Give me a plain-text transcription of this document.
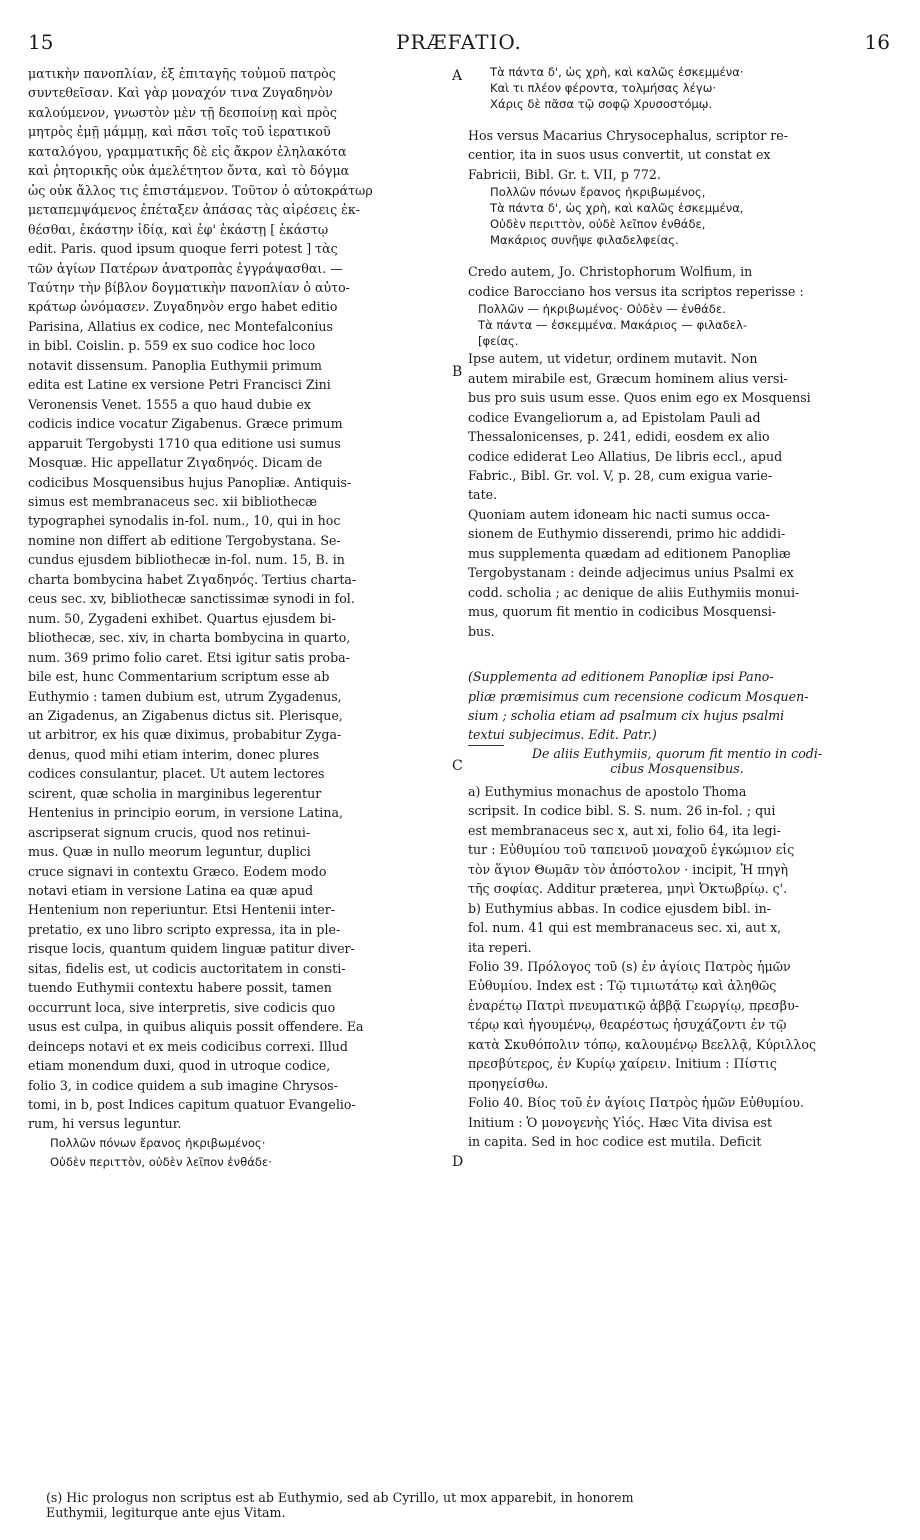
15	PRÆFATIO.	16
A
B
C
D
ματικὴν πανοπλίαν, ἐξ ἐπιταγῆς τοὐμοῦ πατρὸς
συντεθεῖσαν. Καὶ γὰρ μοναχόν τινα Ζυγαδηνὸν
καλούμενον, γνωστὸν μὲν τῇ δεσποίνῃ καὶ πρὸς
μητρὸς ἐμῇ μάμμῃ, καὶ πᾶσι τοῖς τοῦ ἱερατικοῦ
καταλόγου, γραμματικῆς δὲ εἰς ἄκρον ἐληλακότα
καὶ ῥητορικῆς οὐκ ἀμελέτητον ὄντα, καὶ τὸ δόγμα
ὡς οὐκ ἄλλος τις ἐπιστάμενον. Τοῦτον ὁ αὐτοκράτωρ
μεταπεμψάμενος ἐπέταξεν ἁπάσας τὰς αἱρέσεις ἐκ-
θέσθαι, ἑκάστην ἰδίᾳ, καὶ ἐφ' ἑκάστῃ [ ἑκάστῳ
edit. Paris. quod ipsum quoque ferri potest ] τὰς
τῶν ἁγίων Πατέρων ἀνατροπὰς ἐγγράψασθαι. —
Ταύτην τὴν βίβλον δογματικὴν πανοπλίαν ὁ αὐτο-
κράτωρ ὠνόμασεν. Ζυγαδηνὸν ergo habet editio
Parisina, Allatius ex codice, nec Montefalconius
in bibl. Coislin. p. 559 ex suo codice hoc loco
notavit dissensum. Panoplia Euthymii primum
edita est Latine ex versione Petri Francisci Zini
Veronensis Venet. 1555 a quo haud dubie ex
codicis indice vocatur Zigabenus. Græce primum
apparuit Tergobysti 1710 qua editione usi sumus
Mosquæ. Hic appellatur Ζιγαδηνός. Dicam de
codicibus Mosquensibus hujus Panopliæ. Antiquis-
simus est membranaceus sec. xii bibliothecæ
typographei synodalis in-fol. num., 10, qui in hoc
nomine non differt ab editione Tergobystana. Se-
cundus ejusdem bibliothecæ in-fol. num. 15, B. in
charta bombycina habet Ζιγαδηνός. Tertius charta-
ceus sec. xv, bibliothecæ sanctissimæ synodi in fol.
num. 50, Zygadeni exhibet. Quartus ejusdem bi-
bliothecæ, sec. xiv, in charta bombycina in quarto,
num. 369 primo folio caret. Etsi igitur satis proba-
bile est, hunc Commentarium scriptum esse ab
Euthymio : tamen dubium est, utrum Zygadenus,
an Zigadenus, an Zigabenus dictus sit. Plerisque,
ut arbitror, ex his quæ diximus, probabitur Zyga-
denus, quod mihi etiam interim, donec plures
codices consulantur, placet. Ut autem lectores
scirent, quæ scholia in marginibus legerentur
Hentenius in principio eorum, in versione Latina,
ascripserat signum crucis, quod nos retinui-
mus. Quæ in nullo meorum leguntur, duplici
cruce signavi in contextu Græco. Eodem modo
notavi etiam in versione Latina ea quæ apud
Hentenium non reperiuntur. Etsi Hentenii inter-
pretatio, ex uno libro scripto expressa, ita in ple-
risque locis, quantum quidem linguæ patitur diver-
sitas, fidelis est, ut codicis auctoritatem in consti-
tuendo Euthymii contextu habere possit, tamen
occurrunt loca, sive interpretis, sive codicis quo
usus est culpa, in quibus aliquis possit offendere. Ea
deinceps notavi et ex meis codicibus correxi. Illud
etiam monendum duxi, quod in utroque codice,
folio 3, in codice quidem a sub imagine Chrysos-
tomi, in b, post Indices capitum quatuor Evangelio-
rum, hi versus leguntur.
Πολλῶν πόνων ἔρανος ἠκριβωμένος·
Οὐδὲν περιττὸν, οὐδὲν λεῖπον ἐνθάδε·
Τὰ πάντα δ', ὡς χρὴ, καὶ καλῶς ἐσκεμμένα·
Καὶ τι πλέον φέροντα, τολμήσας λέγω·
Χάρις δὲ πᾶσα τῷ σοφῷ Χρυσοστόμῳ.
Hos versus Macarius Chrysocephalus, scriptor re-
centior, ita in suos usus convertit, ut constat ex
Fabricii, Bibl. Gr. t. VII, p 772.
Πολλῶν πόνων ἔρανος ἠκριβωμένος,
Τὰ πάντα δ', ὡς χρὴ, καὶ καλῶς ἐσκεμμένα,
Οὐδὲν περιττὸν, οὐδὲ λεῖπον ἐνθάδε,
Μακάριος συνῆψε φιλαδελφείας.
Credo autem, Jo. Christophorum Wolfium, in
codice Barocciano hos versus ita scriptos reperisse :
Πολλῶν — ἠκριβωμένος· Οὐδὲν — ἐνθάδε.
Τὰ πάντα — ἐσκεμμένα. Μακάριος — φιλαδελ-
[φείας.
Ipse autem, ut videtur, ordinem mutavit. Non
autem mirabile est, Græcum hominem alius versi-
bus pro suis usum esse. Quos enim ego ex Mosquensi
codice Evangeliorum a, ad Epistolam Pauli ad
Thessalonicenses, p. 241, edidi, eosdem ex alio
codice ediderat Leo Allatius, De libris eccl., apud
Fabric., Bibl. Gr. vol. V, p. 28, cum exigua varie-
tate.
Quoniam autem idoneam hic nacti sumus occa-
sionem de Euthymio disserendi, primo hic addidi-
mus supplementa quædam ad editionem Panopliæ
Tergobystanam : deinde adjecimus unius Psalmi ex
codd. scholia ; ac denique de aliis Euthymiis monui-
mus, quorum fit mentio in codicibus Mosquensi-
bus.
(Supplementa ad editionem Panopliæ ipsi Pano-
pliæ præmisimus cum recensione codicum Mosquen-
sium ; scholia etiam ad psalmum cix hujus psalmi
textui subjecimus. Edit. Patr.)
De aliis Euthymiis, quorum fit mentio in codi-
cibus Mosquensibus.
a) Euthymius monachus de apostolo Thoma
scripsit. In codice bibl. S. S. num. 26 in-fol. ; qui
est membranaceus sec x, aut xi, folio 64, ita legi-
tur : Εὐθυμίου τοῦ ταπεινοῦ μοναχοῦ ἐγκώμιον εἰς
τὸν ἅγιον Θωμᾶν τὸν ἀπόστολον · incipit, Ἡ πηγὴ
τῆς σοφίας. Additur præterea, μηνὶ Ὀκτωβρίῳ. ς'.
b) Euthymius abbas. In codice ejusdem bibl. in-
fol. num. 41 qui est membranaceus sec. xi, aut x,
ita reperi.
Folio 39. Πρόλογος τοῦ (s) ἐν ἁγίοις Πατρὸς ἡμῶν
Εὐθυμίου. Index est : Τῷ τιμιωτάτῳ καὶ ἀληθῶς
ἐναρέτῳ Πατρὶ πνευματικῷ ἀββᾷ Γεωργίῳ, πρεσβυ-
τέρῳ καὶ ἡγουμένῳ, θεαρέστως ἡσυχάζοντι ἐν τῷ
κατὰ Σκυθόπολιν τόπῳ, καλουμένῳ Βεελλᾷ, Κύριλλος
πρεσβύτερος, ἐν Κυρίῳ χαίρειν. Initium : Πίστις
προηγείσθω.
Folio 40. Βίος τοῦ ἐν ἁγίοις Πατρὸς ἡμῶν Εὐθυμίου.
Initium : Ὁ μονογενὴς Υἱός. Hæc Vita divisa est
in capita. Sed in hoc codice est mutila. Deficit
(s) Hic prologus non scriptus est ab Euthymio, sed ab Cyrillo, ut mox apparebit, in honorem
Euthymii, legiturque ante ejus Vitam.
